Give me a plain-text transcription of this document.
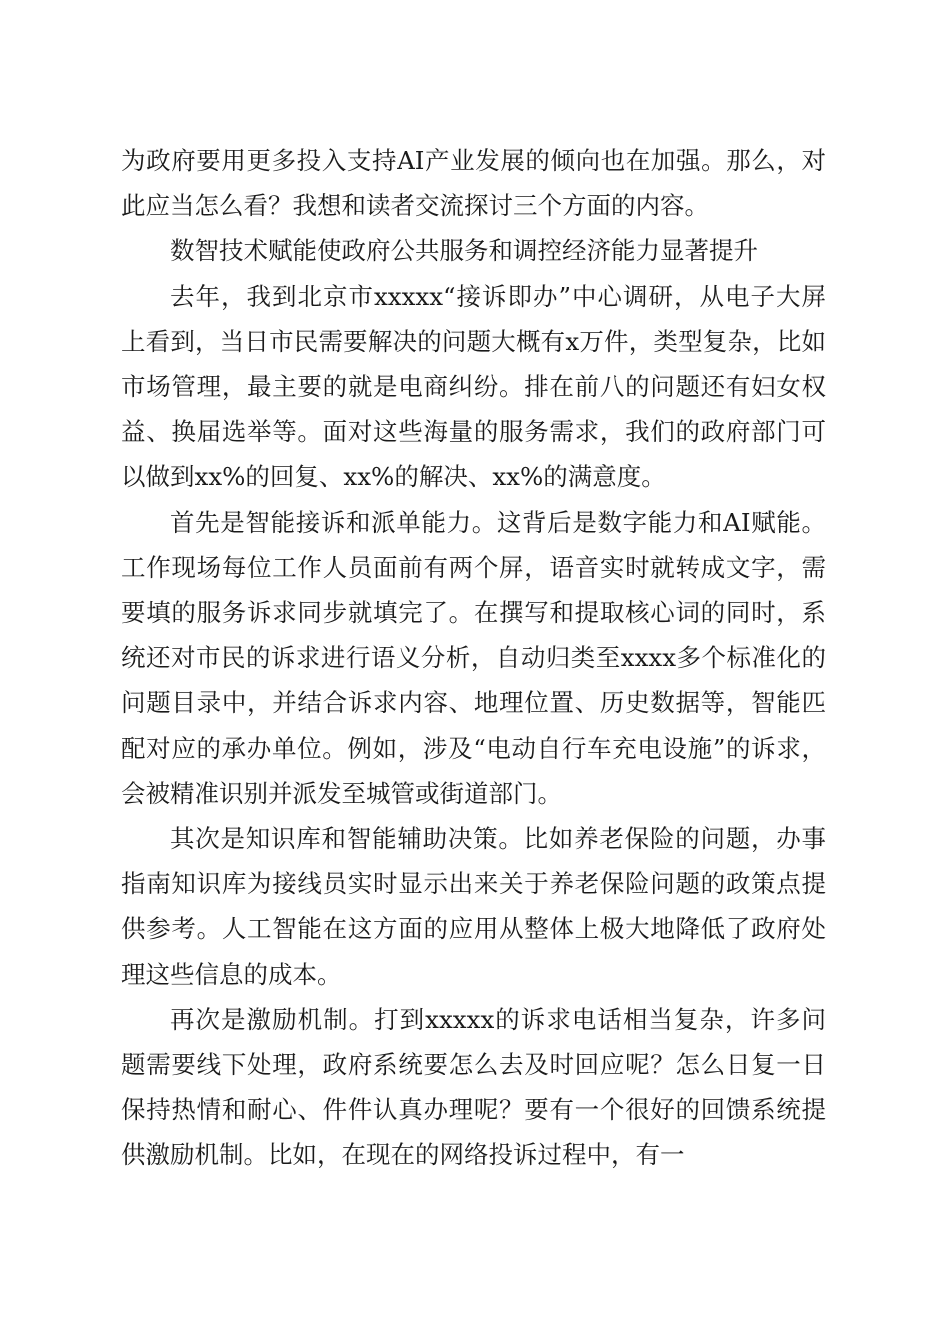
为政府要用更多投入支持AI产业发展的倾向也在加强。那么，对此应当怎么看？我想和读者交流探讨三个方面的内容。

数智技术赋能使政府公共服务和调控经济能力显著提升

去年，我到北京市xxxxx“接诉即办”中心调研，从电子大屏上看到，当日市民需要解决的问题大概有x万件，类型复杂，比如市场管理，最主要的就是电商纠纷。排在前八的问题还有妇女权益、换届选举等。面对这些海量的服务需求，我们的政府部门可以做到xx%的回复、xx%的解决、xx%的满意度。

首先是智能接诉和派单能力。这背后是数字能力和AI赋能。工作现场每位工作人员面前有两个屏，语音实时就转成文字，需要填的服务诉求同步就填完了。在撰写和提取核心词的同时，系统还对市民的诉求进行语义分析，自动归类至xxxx多个标准化的问题目录中，并结合诉求内容、地理位置、历史数据等，智能匹配对应的承办单位。例如，涉及“电动自行车充电设施”的诉求，会被精准识别并派发至城管或街道部门。

其次是知识库和智能辅助决策。比如养老保险的问题，办事指南知识库为接线员实时显示出来关于养老保险问题的政策点提供参考。人工智能在这方面的应用从整体上极大地降低了政府处理这些信息的成本。

再次是激励机制。打到xxxxx的诉求电话相当复杂，许多问题需要线下处理，政府系统要怎么去及时回应呢？怎么日复一日保持热情和耐心、件件认真办理呢？要有一个很好的回馈系统提供激励机制。比如，在现在的网络投诉过程中，有一
